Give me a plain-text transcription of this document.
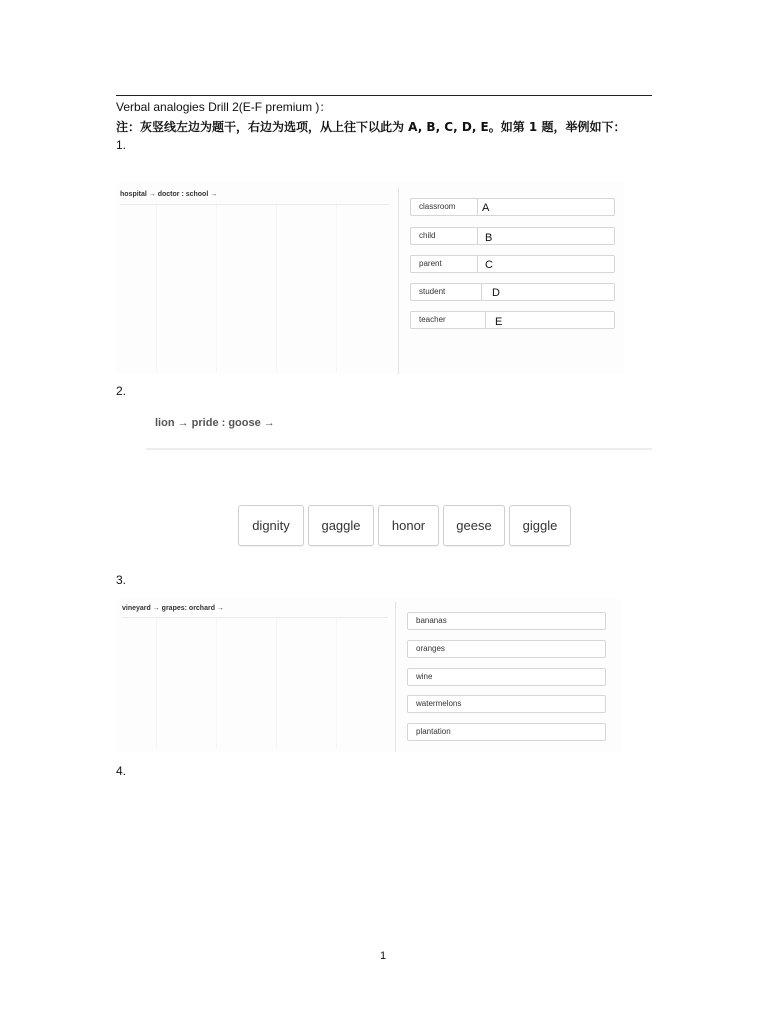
Verbal analogies Drill 2(E-F premium )：
注：灰竖线左边为题干，右边为选项，从上往下以此为 A, B, C, D, E。如第 1 题，举例如下：
1.
hospital → doctor : school →
classroom	A
child	B
parent	C
student	D
teacher	E
2.
lion → pride : goose →
dignity	gaggle	honor	geese	giggle
3.
vineyard → grapes: orchard →
bananas
oranges
wine
watermelons
plantation
4.
1
